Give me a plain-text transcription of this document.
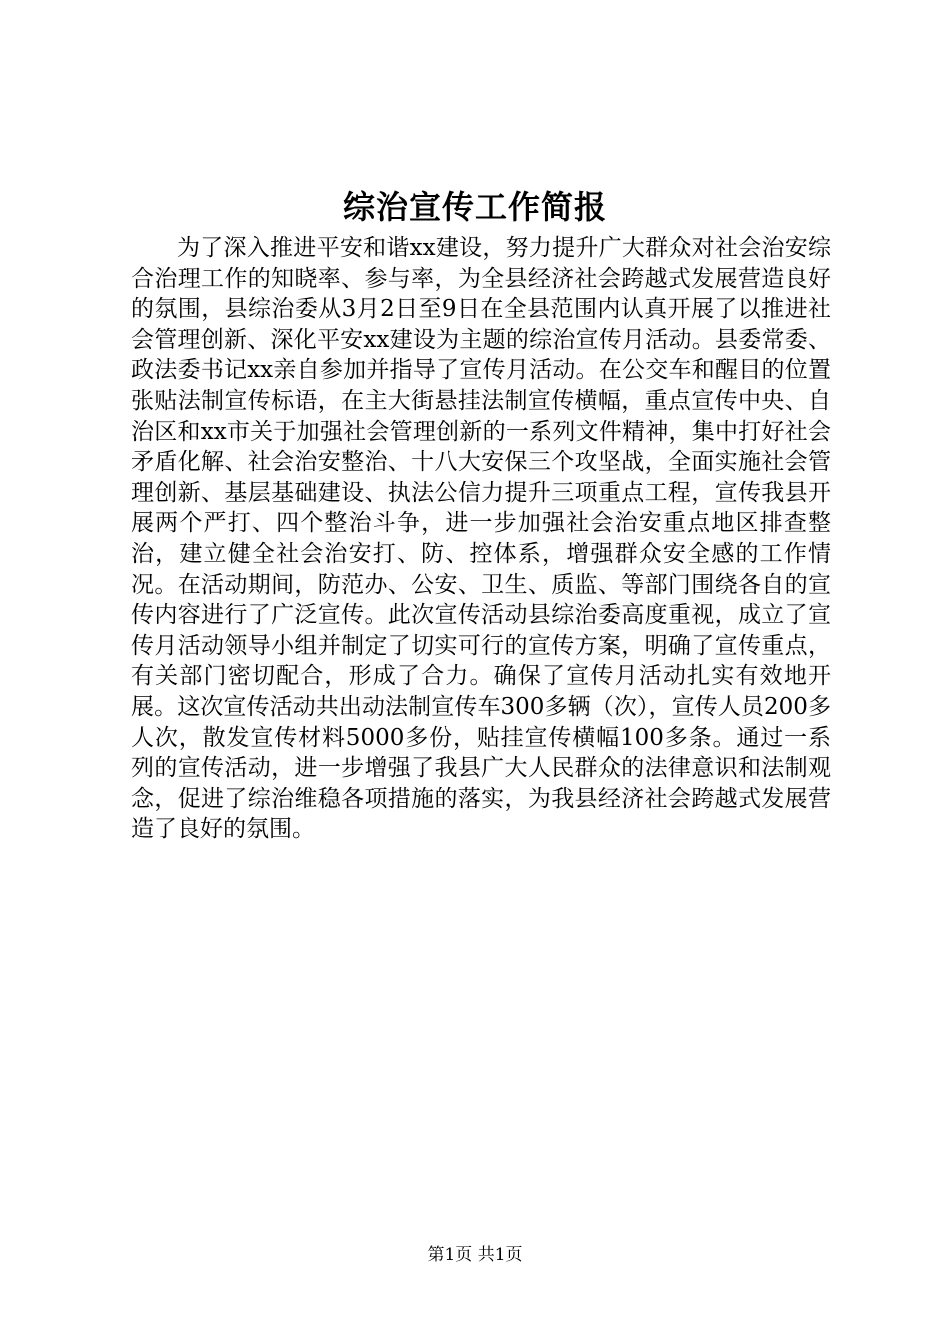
综治宣传工作简报

为了深入推进平安和谐xx建设，努力提升广大群众对社会治安综合治理工作的知晓率、参与率，为全县经济社会跨越式发展营造良好的氛围，县综治委从3月2日至9日在全县范围内认真开展了以推进社会管理创新、深化平安xx建设为主题的综治宣传月活动。县委常委、政法委书记xx亲自参加并指导了宣传月活动。在公交车和醒目的位置张贴法制宣传标语，在主大街悬挂法制宣传横幅，重点宣传中央、自治区和xx市关于加强社会管理创新的一系列文件精神，集中打好社会矛盾化解、社会治安整治、十八大安保三个攻坚战，全面实施社会管理创新、基层基础建设、执法公信力提升三项重点工程，宣传我县开展两个严打、四个整治斗争，进一步加强社会治安重点地区排查整治，建立健全社会治安打、防、控体系，增强群众安全感的工作情况。在活动期间，防范办、公安、卫生、质监、等部门围绕各自的宣传内容进行了广泛宣传。此次宣传活动县综治委高度重视，成立了宣传月活动领导小组并制定了切实可行的宣传方案，明确了宣传重点，有关部门密切配合，形成了合力。确保了宣传月活动扎实有效地开展。这次宣传活动共出动法制宣传车300多辆（次），宣传人员200多人次，散发宣传材料5000多份，贴挂宣传横幅100多条。通过一系列的宣传活动，进一步增强了我县广大人民群众的法律意识和法制观念，促进了综治维稳各项措施的落实，为我县经济社会跨越式发展营造了良好的氛围。

第1页 共1页
